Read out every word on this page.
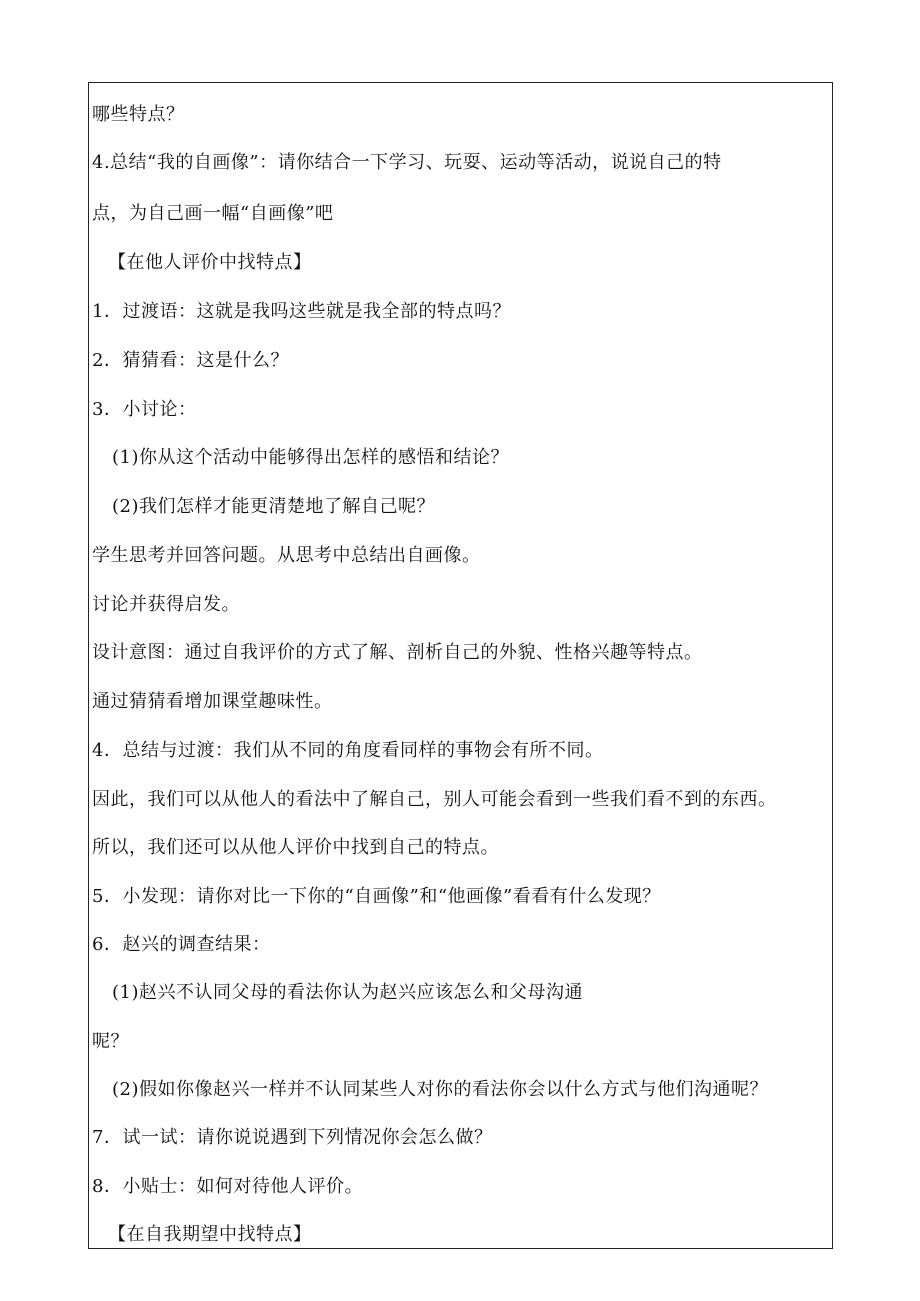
哪些特点？
4.总结“我的自画像”：请你结合一下学习、玩耍、运动等活动，说说自己的特
点，为自己画一幅“自画像”吧
【在他人评价中找特点】
1．过渡语：这就是我吗这些就是我全部的特点吗？
2．猜猜看：这是什么？
3．小讨论：
(1)你从这个活动中能够得出怎样的感悟和结论？
(2)我们怎样才能更清楚地了解自己呢？
学生思考并回答问题。从思考中总结出自画像。
讨论并获得启发。
设计意图：通过自我评价的方式了解、剖析自己的外貌、性格兴趣等特点。
通过猜猜看增加课堂趣味性。
4．总结与过渡：我们从不同的角度看同样的事物会有所不同。
因此，我们可以从他人的看法中了解自己，别人可能会看到一些我们看不到的东西。
所以，我们还可以从他人评价中找到自己的特点。
5．小发现：请你对比一下你的“自画像”和“他画像”看看有什么发现？
6．赵兴的调查结果：
(1)赵兴不认同父母的看法你认为赵兴应该怎么和父母沟通
呢？
(2)假如你像赵兴一样并不认同某些人对你的看法你会以什么方式与他们沟通呢？
7．试一试：请你说说遇到下列情况你会怎么做？
8．小贴士：如何对待他人评价。
【在自我期望中找特点】
